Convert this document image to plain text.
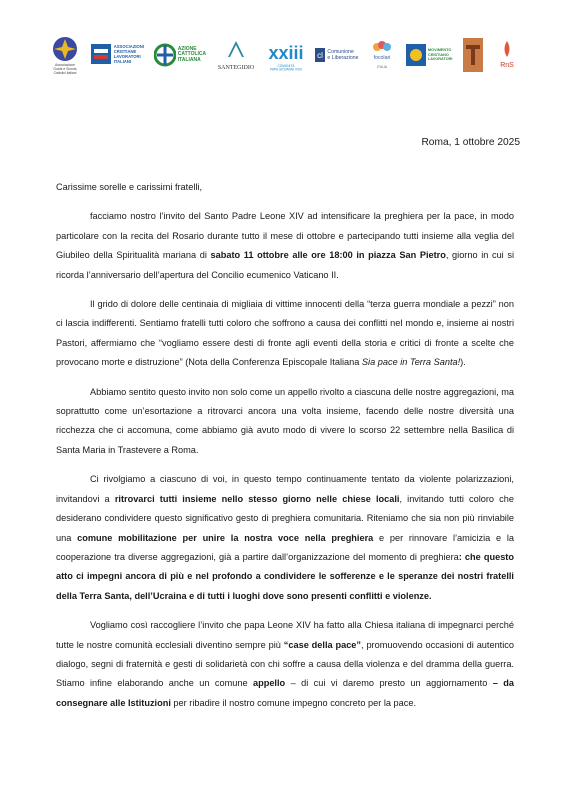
Associazione Guide e Scouts Cattolici Italiani
ASSOCIAZIONI
CRISTIANE
LAVORATORI
ITALIANI
AZIONE
CATTOLICA
ITALIANA
SANTEGIDIO
xxiii
COMUNITÀ PAPA GIOVANNI XXIII
cl Comunione
e Liberazione	focolari
ITALIA
MOVIMENTO
CRISTIANO
LAVORATORI
RnS
Roma, 1 ottobre 2025

Carissime sorelle e carissimi fratelli,

facciamo nostro l’invito del Santo Padre Leone XIV ad intensificare la preghiera per la pace, in modo particolare con la recita del Rosario durante tutto il mese di ottobre e partecipando tutti insieme alla veglia del Giubileo della Spiritualità mariana di sabato 11 ottobre alle ore 18:00 in piazza San Pietro, giorno in cui si ricorda l’anniversario dell’apertura del Concilio ecumenico Vaticano II.

Il grido di dolore delle centinaia di migliaia di vittime innocenti della “terza guerra mondiale a pezzi” non ci lascia indifferenti. Sentiamo fratelli tutti coloro che soffrono a causa dei conflitti nel mondo e, insieme ai nostri Pastori, affermiamo che “vogliamo essere desti di fronte agli eventi della storia e critici di fronte a scelte che provocano morte e distruzione” (Nota della Conferenza Episcopale Italiana Sia pace in Terra Santa!).

Abbiamo sentito questo invito non solo come un appello rivolto a ciascuna delle nostre aggregazioni, ma soprattutto come un’esortazione a ritrovarci ancora una volta insieme, facendo delle nostre diversità una ricchezza che ci accomuna, come abbiamo già avuto modo di vivere lo scorso 22 settembre nella Basilica di Santa Maria in Trastevere a Roma.

Ci rivolgiamo a ciascuno di voi, in questo tempo continuamente tentato da violente polarizzazioni, invitandovi a ritrovarci tutti insieme nello stesso giorno nelle chiese locali, invitando tutti coloro che desiderano condividere questo significativo gesto di preghiera comunitaria. Riteniamo che sia non più rinviabile una comune mobilitazione per unire la nostra voce nella preghiera e per rinnovare l’amicizia e la cooperazione tra diverse aggregazioni, già a partire dall’organizzazione del momento di preghiera: che questo atto ci impegni ancora di più e nel profondo a condividere le sofferenze e le speranze dei nostri fratelli della Terra Santa, dell’Ucraina e di tutti i luoghi dove sono presenti conflitti e violenze.

Vogliamo così raccogliere l’invito che papa Leone XIV ha fatto alla Chiesa italiana di impegnarci perché tutte le nostre comunità ecclesiali diventino sempre più “case della pace”, promuovendo occasioni di autentico dialogo, segni di fraternità e gesti di solidarietà con chi soffre a causa della violenza e del dramma della guerra. Stiamo infine elaborando anche un comune appello – di cui vi daremo presto un aggiornamento – da consegnare alle Istituzioni per ribadire il nostro comune impegno concreto per la pace.
